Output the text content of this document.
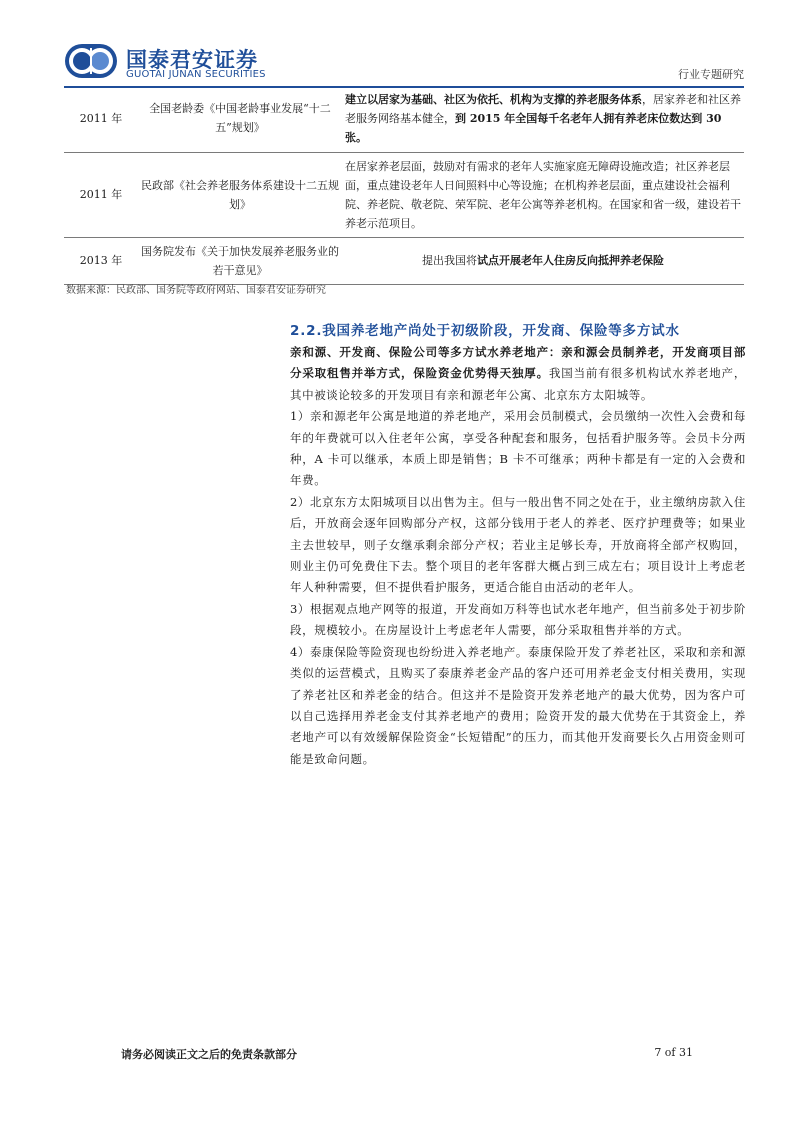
国泰君安证券
GUOTAI JUNAN SECURITIES	行业专题研究
2011 年	全国老龄委《中国老龄事业发展“十二五”规划》	建立以居家为基础、社区为依托、机构为支撑的养老服务体系，居家养老和社区养老服务网络基本健全，到 2015 年全国每千名老年人拥有养老床位数达到 30 张。
2011 年	民政部《社会养老服务体系建设十二五规划》	在居家养老层面，鼓励对有需求的老年人实施家庭无障碍设施改造；社区养老层面，重点建设老年人日间照料中心等设施；在机构养老层面，重点建设社会福利院、养老院、敬老院、荣军院、老年公寓等养老机构。在国家和省一级，建设若干养老示范项目。
2013 年	国务院发布《关于加快发展养老服务业的若干意见》	提出我国将试点开展老年人住房反向抵押养老保险
数据来源：民政部、国务院等政府网站、国泰君安证券研究
2.2.我国养老地产尚处于初级阶段，开发商、保险等多方试水

亲和源、开发商、保险公司等多方试水养老地产：亲和源会员制养老，开发商项目部分采取租售并举方式，保险资金优势得天独厚。我国当前有很多机构试水养老地产，其中被谈论较多的开发项目有亲和源老年公寓、北京东方太阳城等。

1）亲和源老年公寓是地道的养老地产，采用会员制模式，会员缴纳一次性入会费和每年的年费就可以入住老年公寓，享受各种配套和服务，包括看护服务等。会员卡分两种，A 卡可以继承，本质上即是销售；B 卡不可继承；两种卡都是有一定的入会费和年费。

2）北京东方太阳城项目以出售为主。但与一般出售不同之处在于，业主缴纳房款入住后，开放商会逐年回购部分产权，这部分钱用于老人的养老、医疗护理费等；如果业主去世较早，则子女继承剩余部分产权；若业主足够长寿，开放商将全部产权购回，则业主仍可免费住下去。整个项目的老年客群大概占到三成左右；项目设计上考虑老年人种种需要，但不提供看护服务，更适合能自由活动的老年人。

3）根据观点地产网等的报道，开发商如万科等也试水老年地产，但当前多处于初步阶段，规模较小。在房屋设计上考虑老年人需要，部分采取租售并举的方式。

4）泰康保险等险资现也纷纷进入养老地产。泰康保险开发了养老社区，采取和亲和源类似的运营模式，且购买了泰康养老金产品的客户还可用养老金支付相关费用，实现了养老社区和养老金的结合。但这并不是险资开发养老地产的最大优势，因为客户可以自己选择用养老金支付其养老地产的费用；险资开发的最大优势在于其资金上，养老地产可以有效缓解保险资金“长短错配”的压力，而其他开发商要长久占用资金则可能是致命问题。

请务必阅读正文之后的免责条款部分	7 of 31
